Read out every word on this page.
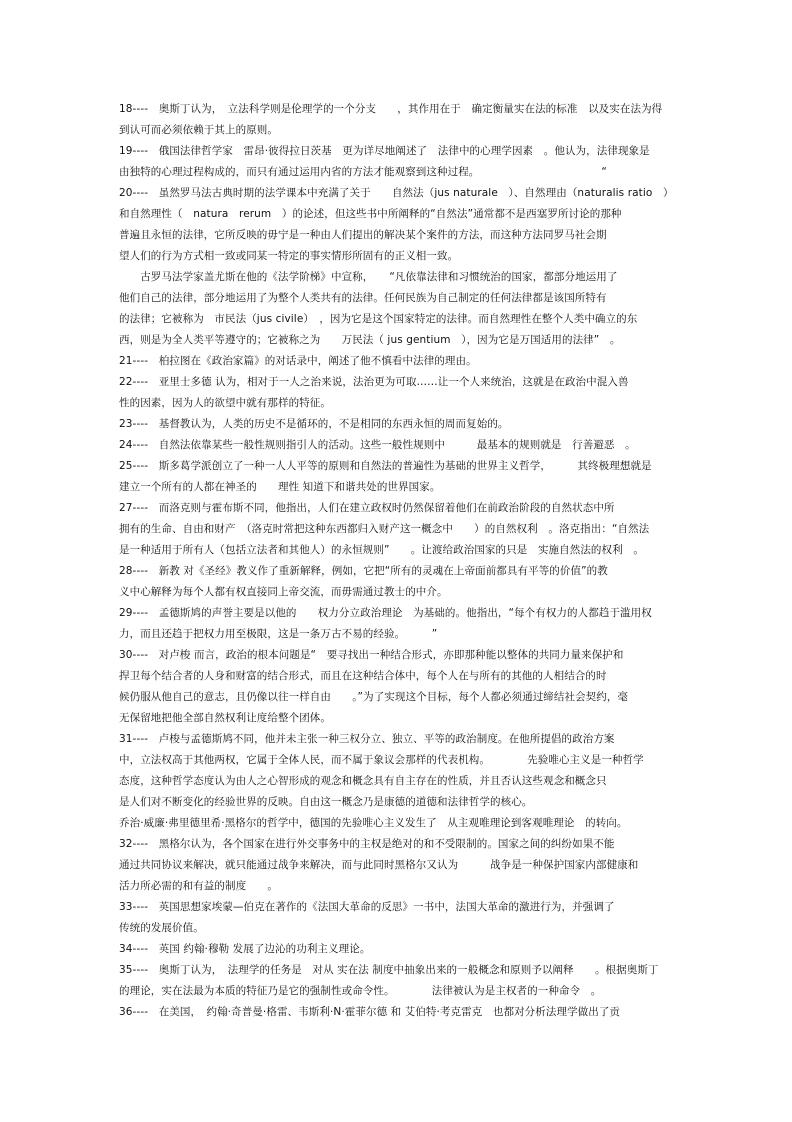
18----　奥斯丁认为，　立法科学则是伦理学的一个分支　　，其作用在于　确定衡量实在法的标准　以及实在法为得
到认可而必须依赖于其上的原则。
19----　俄国法律哲学家　雷昂·彼得拉日茨基　更为详尽地阐述了　法律中的心理学因素　。他认为，法律现象是
由独特的心理过程构成的，而只有通过运用内省的方法才能观察到这种过程。　　　　　　　　　　　　“
20----　虽然罗马法古典时期的法学课本中充满了关于　　自然法（jus naturale　）、自然理由（naturalis ratio　）
和自然理性（　natura　rerum　）的论述，但这些书中所阐释的“自然法”通常都不是西塞罗所讨论的那种
普遍且永恒的法律，它所反映的毋宁是一种由人们提出的解决某个案件的方法，而这种方法同罗马社会期
望人们的行为方式相一致或同某一特定的事实情形所固有的正义相一致。
　　古罗马法学家盖尤斯在他的《法学阶梯》中宣称，　　“凡依靠法律和习惯统治的国家，都部分地运用了
他们自己的法律，部分地运用了为整个人类共有的法律。任何民族为自己制定的任何法律都是该国所特有
的法律；它被称为　市民法（jus civile）　，因为它是这个国家特定的法律。而自然理性在整个人类中确立的东
西，则是为全人类平等遵守的；它被称之为　　万民法（ jus gentium　），因为它是万国适用的法律”　。
21----　柏拉图在《政治家篇》的对话录中，阐述了他不慎看中法律的理由。
22----　亚里士多德 认为，相对于一人之治来说，法治更为可取……让一个人来统治，这就是在政治中混入兽
性的因素，因为人的欲望中就有那样的特征。
23----　基督教认为，人类的历史不是循环的，不是相同的东西永恒的周而复始的。
24----　自然法依靠某些一般性规则指引人的活动。这些一般性规则中　　　最基本的规则就是　行善避恶　。
25----　斯多葛学派创立了一种一人人平等的原则和自然法的普遍性为基础的世界主义哲学，　　　其终极理想就是
建立一个所有的人都在神圣的　　理性 知道下和谐共处的世界国家。
27----　而洛克则与霍布斯不同，他指出，人们在建立政权时仍然保留着他们在前政治阶段的自然状态中所
拥有的生命、自由和财产　（洛克时常把这种东西都归入财产这一概念中　　）的自然权利　。洛克指出：“自然法
是一种适用于所有人（包括立法者和其他人）的永恒规则”　　。让渡给政治国家的只是　实施自然法的权利　。
28----　新教 对《圣经》教义作了重新解释，例如，它把“所有的灵魂在上帝面前都具有平等的价值”的教
义中心解释为每个人都有权直接同上帝交流，而毋需通过教士的中介。
29----　孟德斯鸠的声誉主要是以他的　　权力分立政治理论　为基础的。他指出，“每个有权力的人都趋于滥用权
力，而且还趋于把权力用至极限，这是一条万古不易的经验。　　　”
30----　对卢梭 而言，政治的根本问题是“　要寻找出一种结合形式，亦即那种能以整体的共同力量来保护和
捍卫每个结合者的人身和财富的结合形式，而且在这种结合体中，每个人在与所有的其他的人相结合的时
候仍服从他自己的意志，且仍像以往一样自由　　。”为了实现这个目标，每个人都必须通过缔结社会契约，毫
无保留地把他全部自然权利让度给整个团体。
31----　卢梭与孟德斯鸠不同，他并未主张一种三权分立、独立、平等的政治制度。在他所提倡的政治方案
中，立法权高于其他两权，它属于全体人民，而不属于象议会那样的代表机构。　　　　先验唯心主义是一种哲学
态度，这种哲学态度认为由人之心智形成的观念和概念具有自主存在的性质，并且否认这些观念和概念只
是人们对不断变化的经验世界的反映。自由这一概念乃是康德的道德和法律哲学的核心。
乔治·威廉·弗里德里希·黑格尔的哲学中，德国的先验唯心主义发生了　从主观唯理论到客观唯理论　的转向。
32----　黑格尔认为，各个国家在进行外交事务中的主权是绝对的和不受限制的。国家之间的纠纷如果不能
通过共同协议来解决，就只能通过战争来解决，而与此同时黑格尔又认为　　　战争是一种保护国家内部健康和
活力所必需的和有益的制度　　。
33----　英国思想家埃蒙—伯克在著作的《法国大革命的反思》一书中，法国大革命的激进行为，并强调了
传统的发展价值。
34----　英国 约翰·穆勒 发展了边沁的功利主义理论。
35----　奥斯丁认为，　法理学的任务是　对从 实在法 制度中抽象出来的一般概念和原则予以阐释　　。根据奥斯丁
的理论，实在法最为本质的特征乃是它的强制性或命令性。　　　　法律被认为是主权者的一种命令　。
36----　在美国，　约翰·奇普曼·格雷、韦斯利·N·霍菲尔德 和 艾伯特·考克雷克　也都对分析法理学做出了贡
